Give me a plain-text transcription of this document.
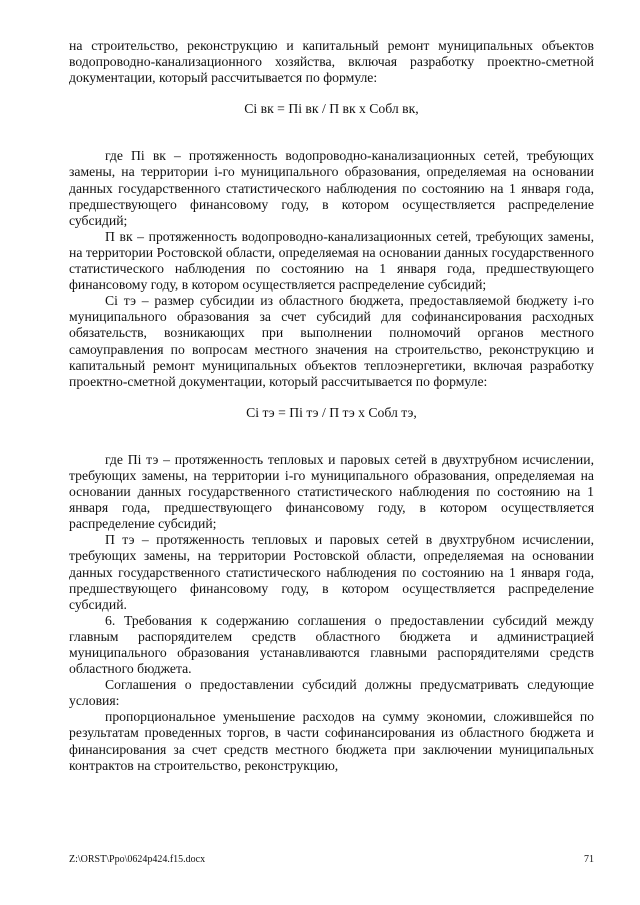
на строительство, реконструкцию и капитальный ремонт муниципальных объектов водопроводно-канализационного хозяйства, включая разработку проектно-сметной документации, который рассчитывается по формуле:

Ci вк = Пi вк / П вк x Cобл вк,

где Пi вк – протяженность водопроводно-канализационных сетей, требующих замены, на территории i-го муниципального образования, определяемая на основании данных государственного статистического наблюдения по состоянию на 1 января года, предшествующего финансовому году, в котором осуществляется распределение субсидий;

П вк – протяженность водопроводно-канализационных сетей, требующих замены, на территории Ростовской области, определяемая на основании данных государственного статистического наблюдения по состоянию на 1 января года, предшествующего финансовому году, в котором осуществляется распределение субсидий;

Ci тэ – размер субсидии из областного бюджета, предоставляемой бюджету i-го муниципального образования за счет субсидий для софинансирования расходных обязательств, возникающих при выполнении полномочий органов местного самоуправления по вопросам местного значения на строительство, реконструкцию и капитальный ремонт муниципальных объектов теплоэнергетики, включая разработку проектно-сметной документации, который рассчитывается по формуле:

Ci тэ = Пi тэ / П тэ x Cобл тэ,

где Пi тэ – протяженность тепловых и паровых сетей в двухтрубном исчислении, требующих замены, на территории i-го муниципального образования, определяемая на основании данных государственного статистического наблюдения по состоянию на 1 января года, предшествующего финансовому году, в котором осуществляется распределение субсидий;

П тэ – протяженность тепловых и паровых сетей в двухтрубном исчислении, требующих замены, на территории Ростовской области, определяемая на основании данных государственного статистического наблюдения по состоянию на 1 января года, предшествующего финансовому году, в котором осуществляется распределение субсидий.

6. Требования к содержанию соглашения о предоставлении субсидий между главным распорядителем средств областного бюджета и администрацией муниципального образования устанавливаются главными распорядителями средств областного бюджета.

Соглашения о предоставлении субсидий должны предусматривать следующие условия:

пропорциональное уменьшение расходов на сумму экономии, сложившейся по результатам проведенных торгов, в части софинансирования из областного бюджета и финансирования за счет средств местного бюджета при заключении муниципальных контрактов на строительство, реконструкцию,

Z:\ORST\Ppo\0624p424.f15.docx	71
